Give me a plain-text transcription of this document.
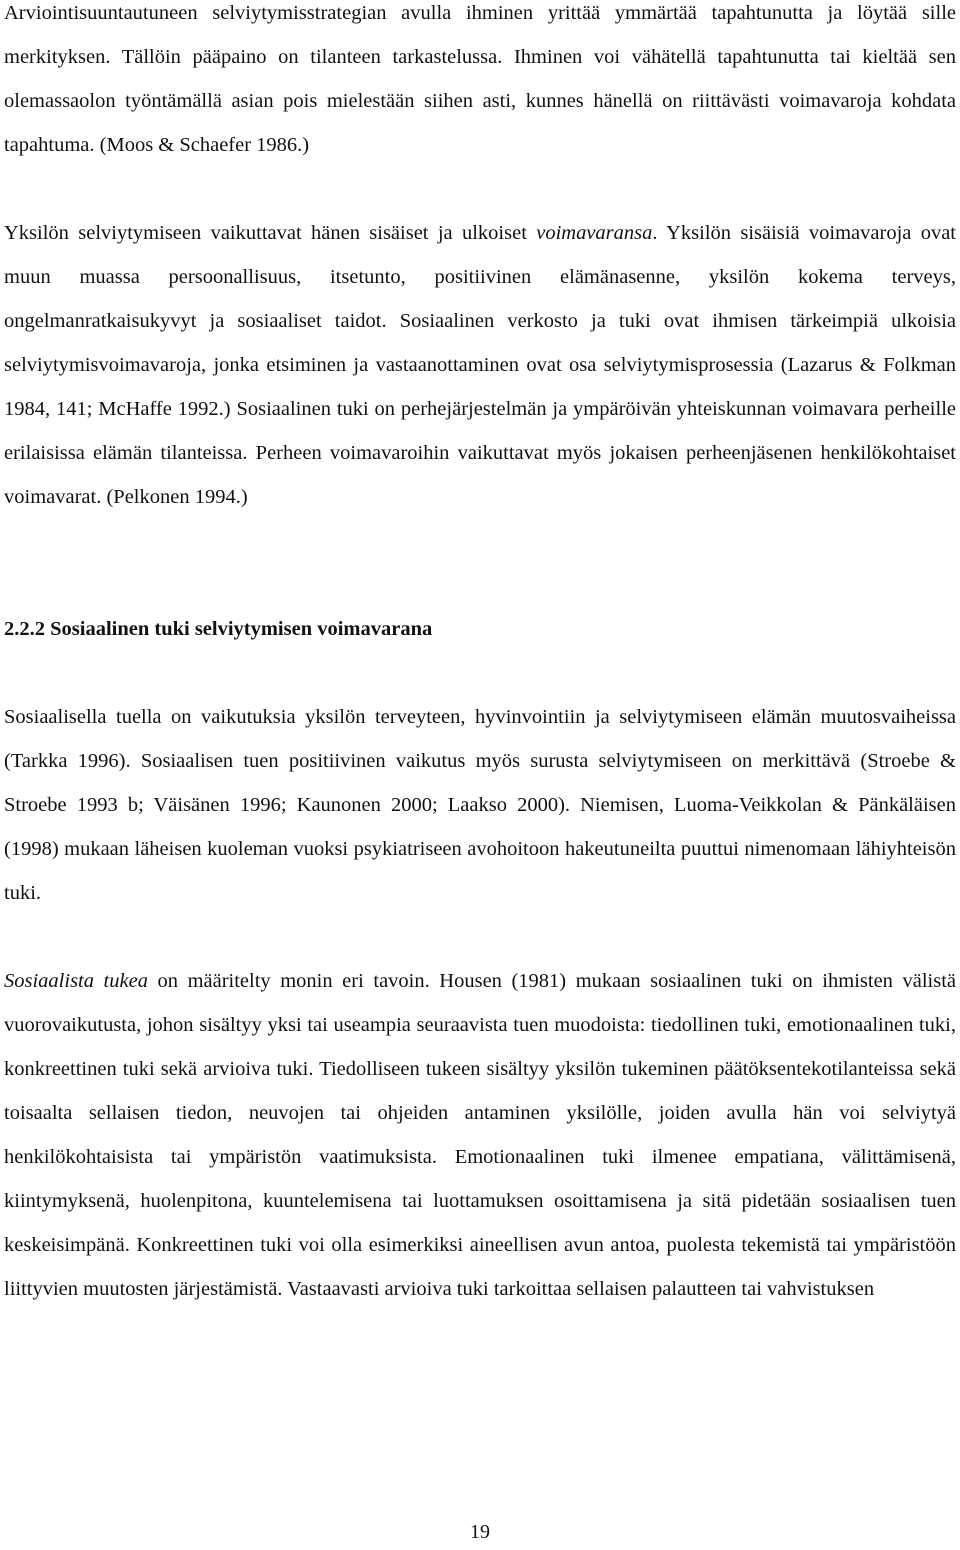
Arviointisuuntautuneen selviytymisstrategian avulla ihminen yrittää ymmärtää tapahtunutta ja löytää sille merkityksen. Tällöin pääpaino on tilanteen tarkastelussa. Ihminen voi vähätellä tapahtunutta tai kieltää sen olemassaolon työntämällä asian pois mielestään siihen asti, kunnes hänellä on riittävästi voimavaroja kohdata tapahtuma. (Moos & Schaefer 1986.)

Yksilön selviytymiseen vaikuttavat hänen sisäiset ja ulkoiset voimavaransa. Yksilön sisäisiä voimavaroja ovat muun muassa persoonallisuus, itsetunto, positiivinen elämänasenne, yksilön kokema terveys, ongelmanratkaisukyvyt ja sosiaaliset taidot. Sosiaalinen verkosto ja tuki ovat ihmisen tärkeimpiä ulkoisia selviytymisvoimavaroja, jonka etsiminen ja vastaanottaminen ovat osa selviytymisprosessia (Lazarus & Folkman 1984, 141; McHaffe 1992.) Sosiaalinen tuki on perhejärjestelmän ja ympäröivän yhteiskunnan voimavara perheille erilaisissa elämän tilanteissa. Perheen voimavaroihin vaikuttavat myös jokaisen perheenjäsenen henkilökohtaiset voimavarat. (Pelkonen 1994.)

2.2.2 Sosiaalinen tuki selviytymisen voimavarana

Sosiaalisella tuella on vaikutuksia yksilön terveyteen, hyvinvointiin ja selviytymiseen elämän muutosvaiheissa (Tarkka 1996). Sosiaalisen tuen positiivinen vaikutus myös surusta selviytymiseen on merkittävä (Stroebe & Stroebe 1993 b; Väisänen 1996; Kaunonen 2000; Laakso 2000). Niemisen, Luoma-Veikkolan & Pänkäläisen (1998) mukaan läheisen kuoleman vuoksi psykiatriseen avohoitoon hakeutuneilta puuttui nimenomaan lähiyhteisön tuki.

Sosiaalista tukea on määritelty monin eri tavoin. Housen (1981) mukaan sosiaalinen tuki on ihmisten välistä vuorovaikutusta, johon sisältyy yksi tai useampia seuraavista tuen muodoista: tiedollinen tuki, emotionaalinen tuki, konkreettinen tuki sekä arvioiva tuki. Tiedolliseen tukeen sisältyy yksilön tukeminen päätöksentekotilanteissa sekä toisaalta sellaisen tiedon, neuvojen tai ohjeiden antaminen yksilölle, joiden avulla hän voi selviytyä henkilökohtaisista tai ympäristön vaatimuksista. Emotionaalinen tuki ilmenee empatiana, välittämisenä, kiintymyksenä, huolenpitona, kuuntelemisena tai luottamuksen osoittamisena ja sitä pidetään sosiaalisen tuen keskeisimpänä. Konkreettinen tuki voi olla esimerkiksi aineellisen avun antoa, puolesta tekemistä tai ympäristöön liittyvien muutosten järjestämistä. Vastaavasti arvioiva tuki tarkoittaa sellaisen palautteen tai vahvistuksen

19
